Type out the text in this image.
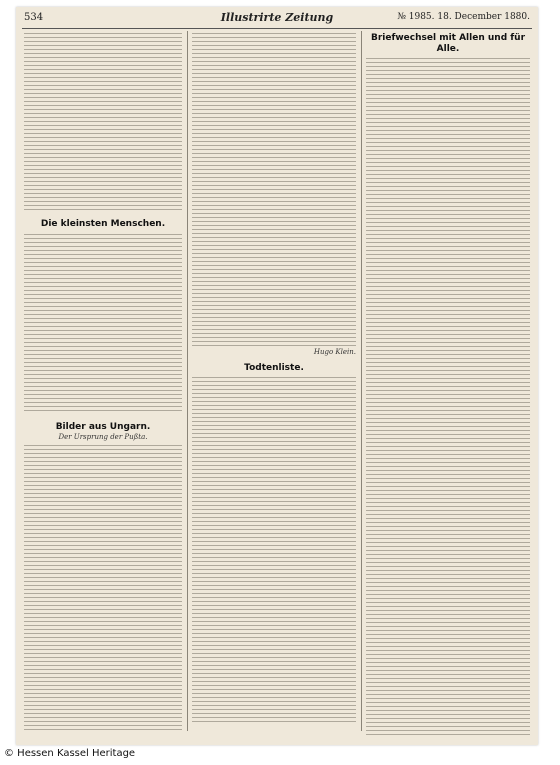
534	Illustrirte Zeitung	№ 1985. 18. December 1880.
Die kleinsten Menschen.
Bilder aus Ungarn.
Der Ursprung der Pußta.
Hugo Klein.
Todtenliste.
Briefwechsel mit Allen und für Alle.
© Hessen Kassel Heritage
